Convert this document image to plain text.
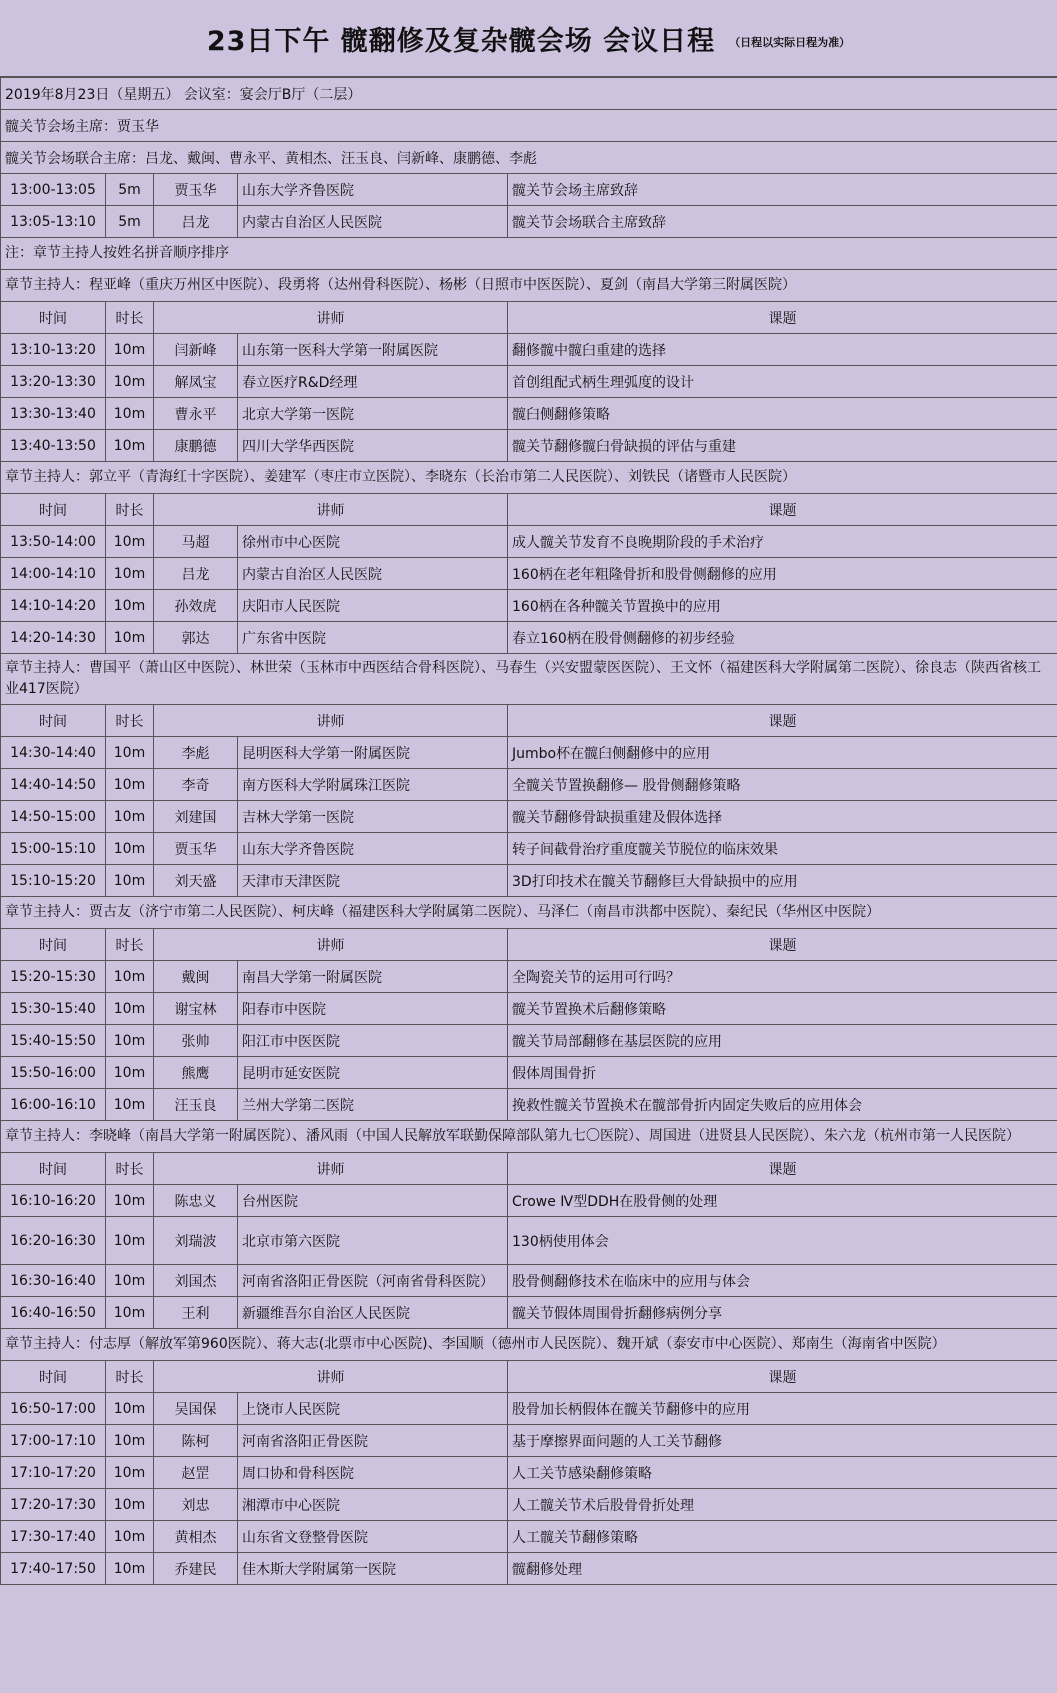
23日下午 髋翻修及复杂髋会场 会议日程 （日程以实际日程为准）
2019年8月23日（星期五） 会议室：宴会厅B厅（二层）				
髋关节会场主席：贾玉华				
髋关节会场联合主席：吕龙、戴闽、曹永平、黄相杰、汪玉良、闫新峰、康鹏德、李彪				
13:00-13:05	5m	贾玉华	山东大学齐鲁医院	髋关节会场主席致辞
13:05-13:10	5m	吕龙	内蒙古自治区人民医院	髋关节会场联合主席致辞
注：章节主持人按姓名拼音顺序排序				
章节主持人：程亚峰（重庆万州区中医院）、段勇将（达州骨科医院）、杨彬（日照市中医医院）、夏剑（南昌大学第三附属医院）				
时间	时长	讲师		课题
13:10-13:20	10m	闫新峰	山东第一医科大学第一附属医院	翻修髋中髋臼重建的选择
13:20-13:30	10m	解凤宝	春立医疗R&D经理	首创组配式柄生理弧度的设计
13:30-13:40	10m	曹永平	北京大学第一医院	髋臼侧翻修策略
13:40-13:50	10m	康鹏德	四川大学华西医院	髋关节翻修髋臼骨缺损的评估与重建
章节主持人：郭立平（青海红十字医院）、姜建军（枣庄市立医院）、李晓东（长治市第二人民医院）、刘铁民（诸暨市人民医院）				
时间	时长	讲师		课题
13:50-14:00	10m	马超	徐州市中心医院	成人髋关节发育不良晚期阶段的手术治疗
14:00-14:10	10m	吕龙	内蒙古自治区人民医院	160柄在老年粗隆骨折和股骨侧翻修的应用
14:10-14:20	10m	孙效虎	庆阳市人民医院	160柄在各种髋关节置换中的应用
14:20-14:30	10m	郭达	广东省中医院	春立160柄在股骨侧翻修的初步经验
章节主持人：曹国平（萧山区中医院）、林世荣（玉林市中西医结合骨科医院）、马春生（兴安盟蒙医医院）、王文怀（福建医科大学附属第二医院）、徐良志（陕西省核工业417医院）				
时间	时长	讲师		课题
14:30-14:40	10m	李彪	昆明医科大学第一附属医院	Jumbo杯在髋臼侧翻修中的应用
14:40-14:50	10m	李奇	南方医科大学附属珠江医院	全髋关节置换翻修— 股骨侧翻修策略
14:50-15:00	10m	刘建国	吉林大学第一医院	髋关节翻修骨缺损重建及假体选择
15:00-15:10	10m	贾玉华	山东大学齐鲁医院	转子间截骨治疗重度髋关节脱位的临床效果
15:10-15:20	10m	刘天盛	天津市天津医院	3D打印技术在髋关节翻修巨大骨缺损中的应用
章节主持人：贾古友（济宁市第二人民医院）、柯庆峰（福建医科大学附属第二医院）、马泽仁（南昌市洪都中医院）、秦纪民（华州区中医院）				
时间	时长	讲师		课题
15:20-15:30	10m	戴闽	南昌大学第一附属医院	全陶瓷关节的运用可行吗？
15:30-15:40	10m	谢宝林	阳春市中医院	髋关节置换术后翻修策略
15:40-15:50	10m	张帅	阳江市中医医院	髋关节局部翻修在基层医院的应用
15:50-16:00	10m	熊鹰	昆明市延安医院	假体周围骨折
16:00-16:10	10m	汪玉良	兰州大学第二医院	挽救性髋关节置换术在髋部骨折内固定失败后的应用体会
章节主持人：李晓峰（南昌大学第一附属医院）、潘风雨（中国人民解放军联勤保障部队第九七〇医院）、周国进（进贤县人民医院）、朱六龙（杭州市第一人民医院）				
时间	时长	讲师		课题
16:10-16:20	10m	陈忠义	台州医院	Crowe Ⅳ型DDH在股骨侧的处理
16:20-16:30	10m	刘瑞波	北京市第六医院	130柄使用体会
16:30-16:40	10m	刘国杰	河南省洛阳正骨医院（河南省骨科医院）	股骨侧翻修技术在临床中的应用与体会
16:40-16:50	10m	王利	新疆维吾尔自治区人民医院	髋关节假体周围骨折翻修病例分享
章节主持人：付志厚（解放军第960医院）、蒋大志(北票市中心医院)、李国顺（德州市人民医院）、魏开斌（泰安市中心医院）、郑南生（海南省中医院）				
时间	时长	讲师		课题
16:50-17:00	10m	吴国保	上饶市人民医院	股骨加长柄假体在髋关节翻修中的应用
17:00-17:10	10m	陈柯	河南省洛阳正骨医院	基于摩擦界面问题的人工关节翻修
17:10-17:20	10m	赵罡	周口协和骨科医院	人工关节感染翻修策略
17:20-17:30	10m	刘忠	湘潭市中心医院	人工髋关节术后股骨骨折处理
17:30-17:40	10m	黄相杰	山东省文登整骨医院	人工髋关节翻修策略
17:40-17:50	10m	乔建民	佳木斯大学附属第一医院	髋翻修处理
